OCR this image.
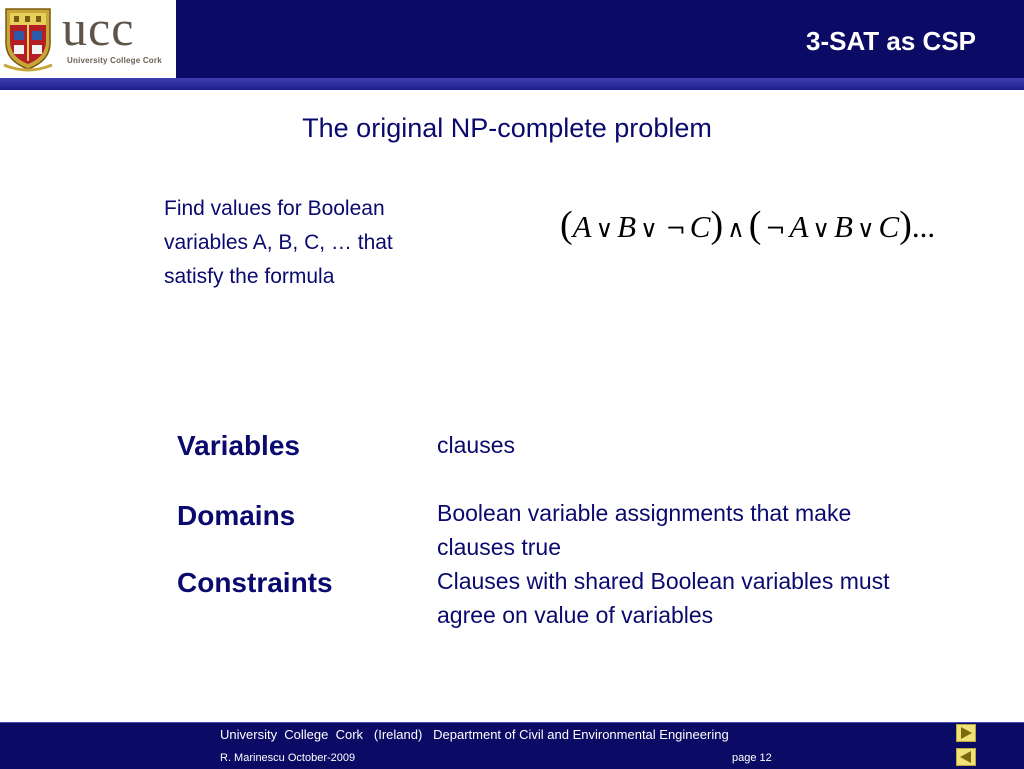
ucc
University College Cork
3-SAT as CSP
The original NP-complete problem
Find values for Boolean variables A, B, C, … that satisfy the formula
(A ∨ B ∨ ¬ C) ∧ ( ¬ A ∨ B ∨ C)...
Variables	clauses
Domains	Boolean variable assignments that make clauses true
Constraints	Clauses with shared Boolean variables must agree on value of variables
University  College  Cork   (Ireland)   Department of Civil and Environmental Engineering
R. Marinescu October-2009	page 12
